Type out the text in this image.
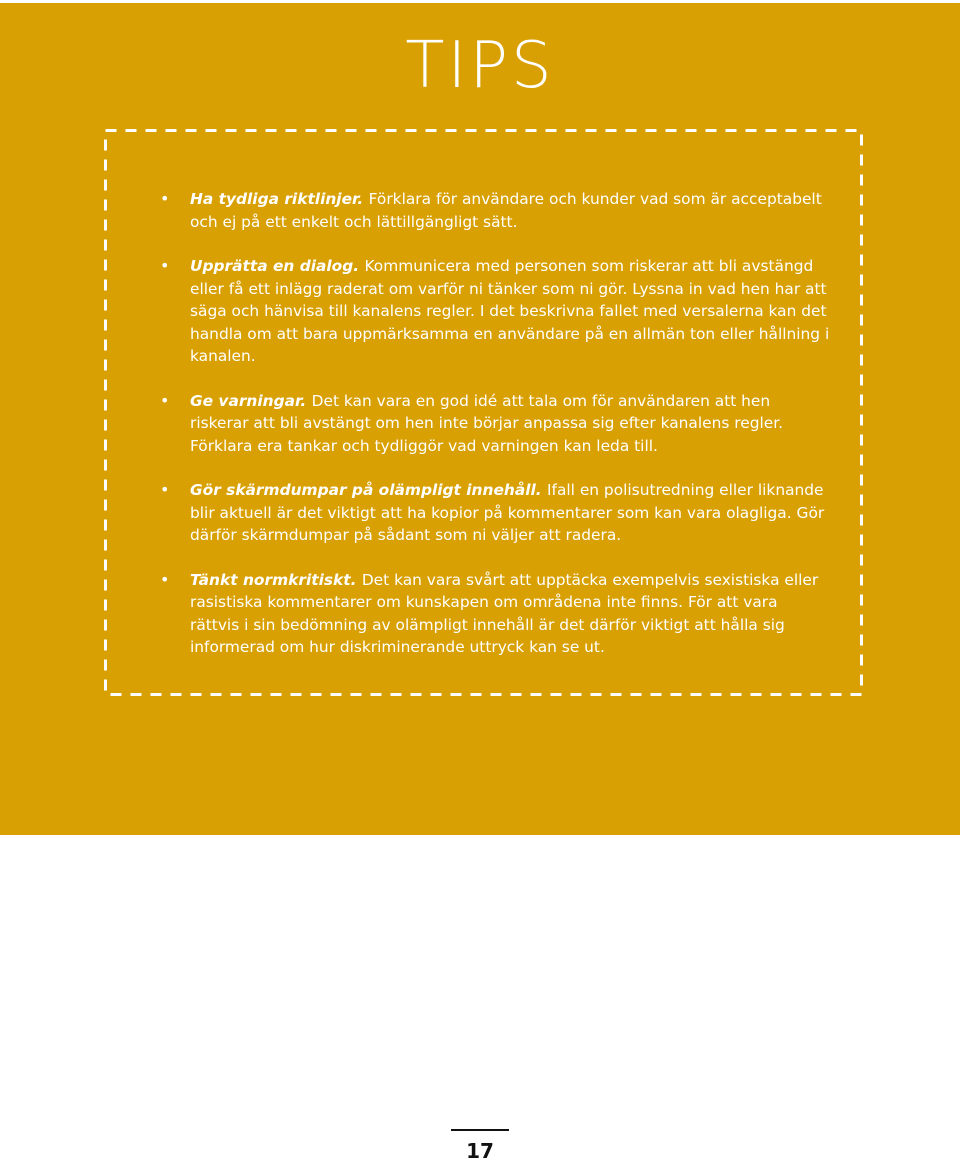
TIPS
• Ha tydliga riktlinjer. Förklara för användare och kunder vad som är acceptabelt och ej på ett enkelt och lättillgängligt sätt.
• Upprätta en dialog. Kommunicera med personen som riskerar att bli avstängd eller få ett inlägg raderat om varför ni tänker som ni gör. Lyssna in vad hen har att säga och hänvisa till kanalens regler. I det beskrivna fallet med versalerna kan det handla om att bara uppmärksamma en användare på en allmän ton eller hållning i kanalen.
• Ge varningar. Det kan vara en god idé att tala om för användaren att hen riskerar att bli avstängt om hen inte börjar anpassa sig efter kanalens regler. Förklara era tankar och tydliggör vad varningen kan leda till.
• Gör skärmdumpar på olämpligt innehåll. Ifall en polisutredning eller liknande blir aktuell är det viktigt att ha kopior på kommentarer som kan vara olagliga. Gör därför skärmdumpar på sådant som ni väljer att radera.
• Tänkt normkritiskt. Det kan vara svårt att upptäcka exempelvis sexistiska eller rasistiska kommentarer om kunskapen om områdena inte finns. För att vara rättvis i sin bedömning av olämpligt innehåll är det därför viktigt att hålla sig informerad om hur diskriminerande uttryck kan se ut.
17
